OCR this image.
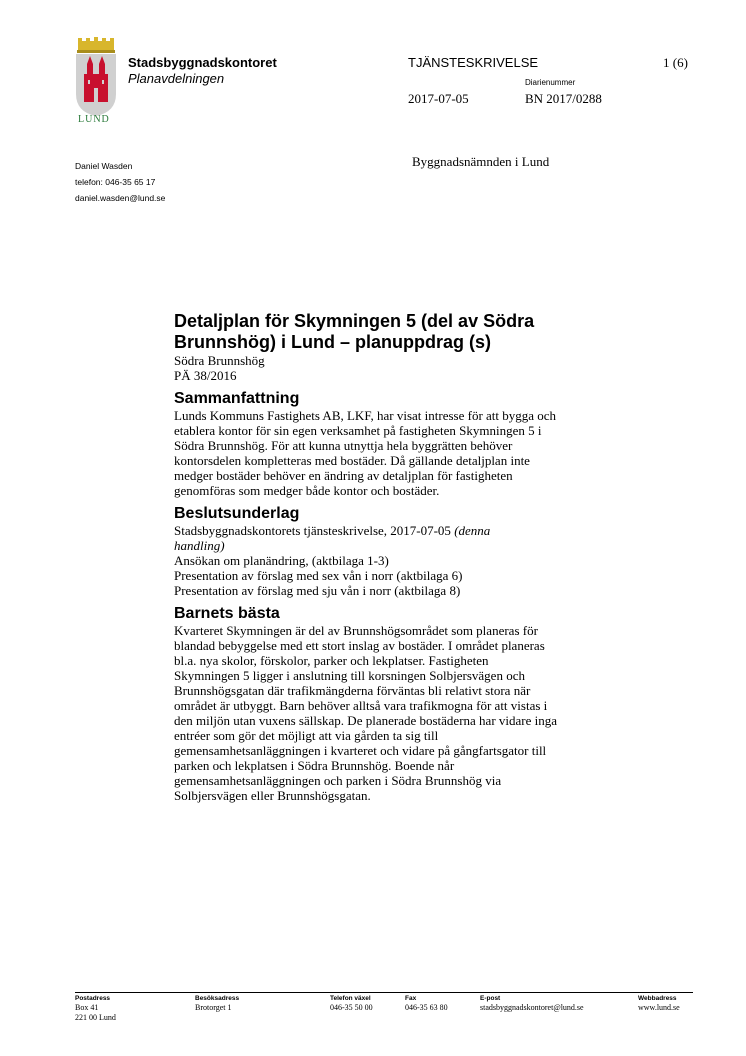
LUND
Stadsbyggnadskontoret
Planavdelningen
TJÄNSTESKRIVELSE	1 (6)
Diarienummer
2017-07-05	BN 2017/0288
Daniel Wasden
telefon: 046-35 65 17
daniel.wasden@lund.se
Byggnadsnämnden i Lund
Detaljplan för Skymningen 5 (del av Södra
Brunnshög) i Lund – planuppdrag (s)
Södra Brunnshög
PÄ 38/2016
Sammanfattning
Lunds Kommuns Fastighets AB, LKF, har visat intresse för att bygga och
etablera kontor för sin egen verksamhet på fastigheten Skymningen 5 i
Södra Brunnshög. För att kunna utnyttja hela byggrätten behöver
kontorsdelen kompletteras med bostäder. Då gällande detaljplan inte
medger bostäder behöver en ändring av detaljplan för fastigheten
genomföras som medger både kontor och bostäder.
Beslutsunderlag
Stadsbyggnadskontorets tjänsteskrivelse, 2017-07-05 (denna
handling)
Ansökan om planändring, (aktbilaga 1-3)
Presentation av förslag med sex vån i norr (aktbilaga 6)
Presentation av förslag med sju vån i norr (aktbilaga 8)
Barnets bästa
Kvarteret Skymningen är del av Brunnshögsområdet som planeras för
blandad bebyggelse med ett stort inslag av bostäder. I området planeras
bl.a. nya skolor, förskolor, parker och lekplatser. Fastigheten
Skymningen 5 ligger i anslutning till korsningen Solbjersvägen och
Brunnshögsgatan där trafikmängderna förväntas bli relativt stora när
området är utbyggt. Barn behöver alltså vara trafikmogna för att vistas i
den miljön utan vuxens sällskap. De planerade bostäderna har vidare inga
entréer som gör det möjligt att via gården ta sig till
gemensamhetsanläggningen i kvarteret och vidare på gångfartsgator till
parken och lekplatsen i Södra Brunnshög. Boende når
gemensamhetsanläggningen och parken i Södra Brunnshög via
Solbjersvägen eller Brunnshögsgatan.
Postadress
Box 41
221 00 Lund
Besöksadress
Brotorget 1
Telefon växel
046-35 50 00
Fax
046-35 63 80
E-post
stadsbyggnadskontoret@lund.se
Webbadress
www.lund.se
